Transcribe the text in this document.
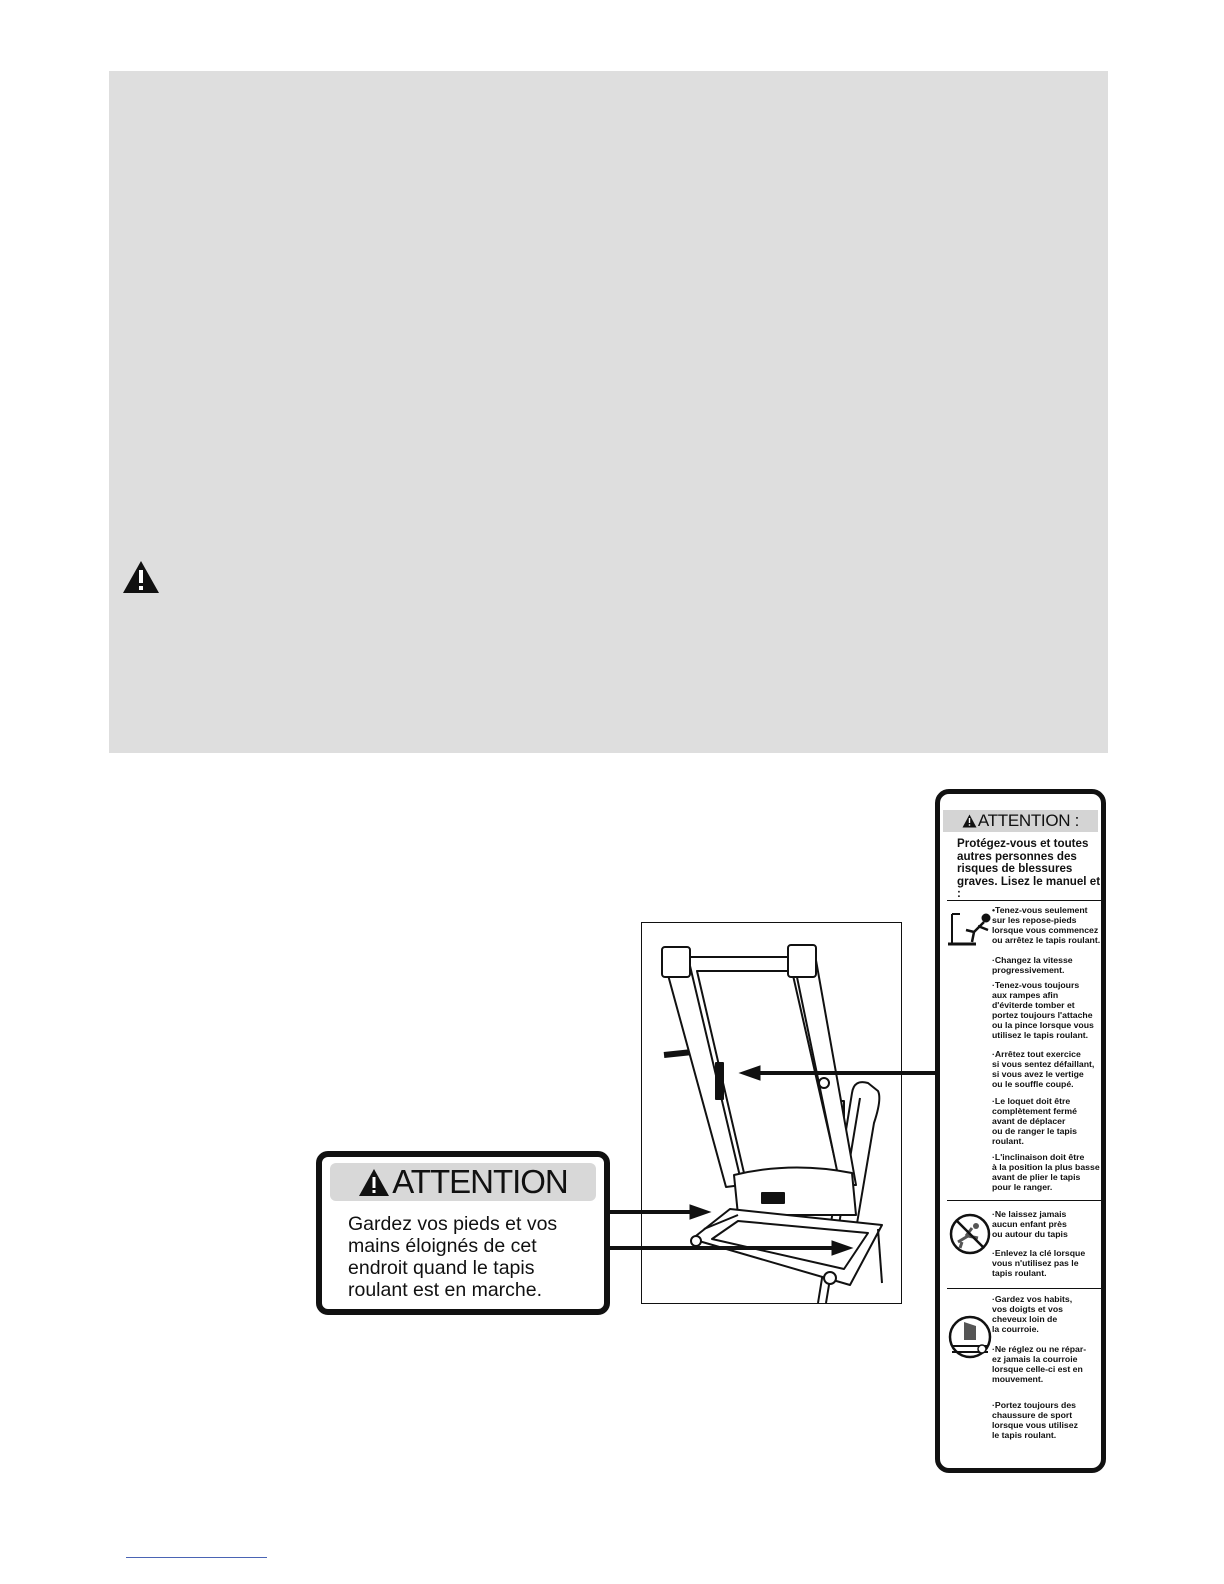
ATTENTION
Gardez vos pieds et vos mains éloignés de cet endroit quand le tapis roulant est en marche.
ATTENTION :
Protégez-vous et toutes autres personnes des risques de blessures graves. Lisez le manuel et :
•Tenez-vous seulement
sur les repose-pieds
lorsque vous commencez
ou arrêtez le tapis roulant.
·Changez la vitesse
progressivement.
·Tenez-vous toujours
aux rampes afin
d'éviterde tomber et
portez toujours l'attache
ou la pince lorsque vous
utilisez le tapis roulant.
·Arrêtez tout exercice
si vous sentez défaillant,
si vous avez le vertige
ou le souffle coupé.
·Le loquet doit être
complètement fermé
avant de déplacer
ou de ranger le tapis
roulant.
·L'inclinaison doit être
à la position la plus basse
avant de plier le tapis
pour le ranger.
·Ne laissez jamais
aucun enfant près
ou autour du tapis
·Enlevez la clé lorsque
vous n'utilisez pas le
tapis roulant.
·Gardez vos habits,
vos doigts et vos
cheveux loin de
la courroie.
·Ne réglez ou ne répar-
ez jamais la courroie
lorsque celle-ci est en
mouvement.
·Portez toujours des
chaussure de sport
lorsque vous utilisez
le tapis roulant.
